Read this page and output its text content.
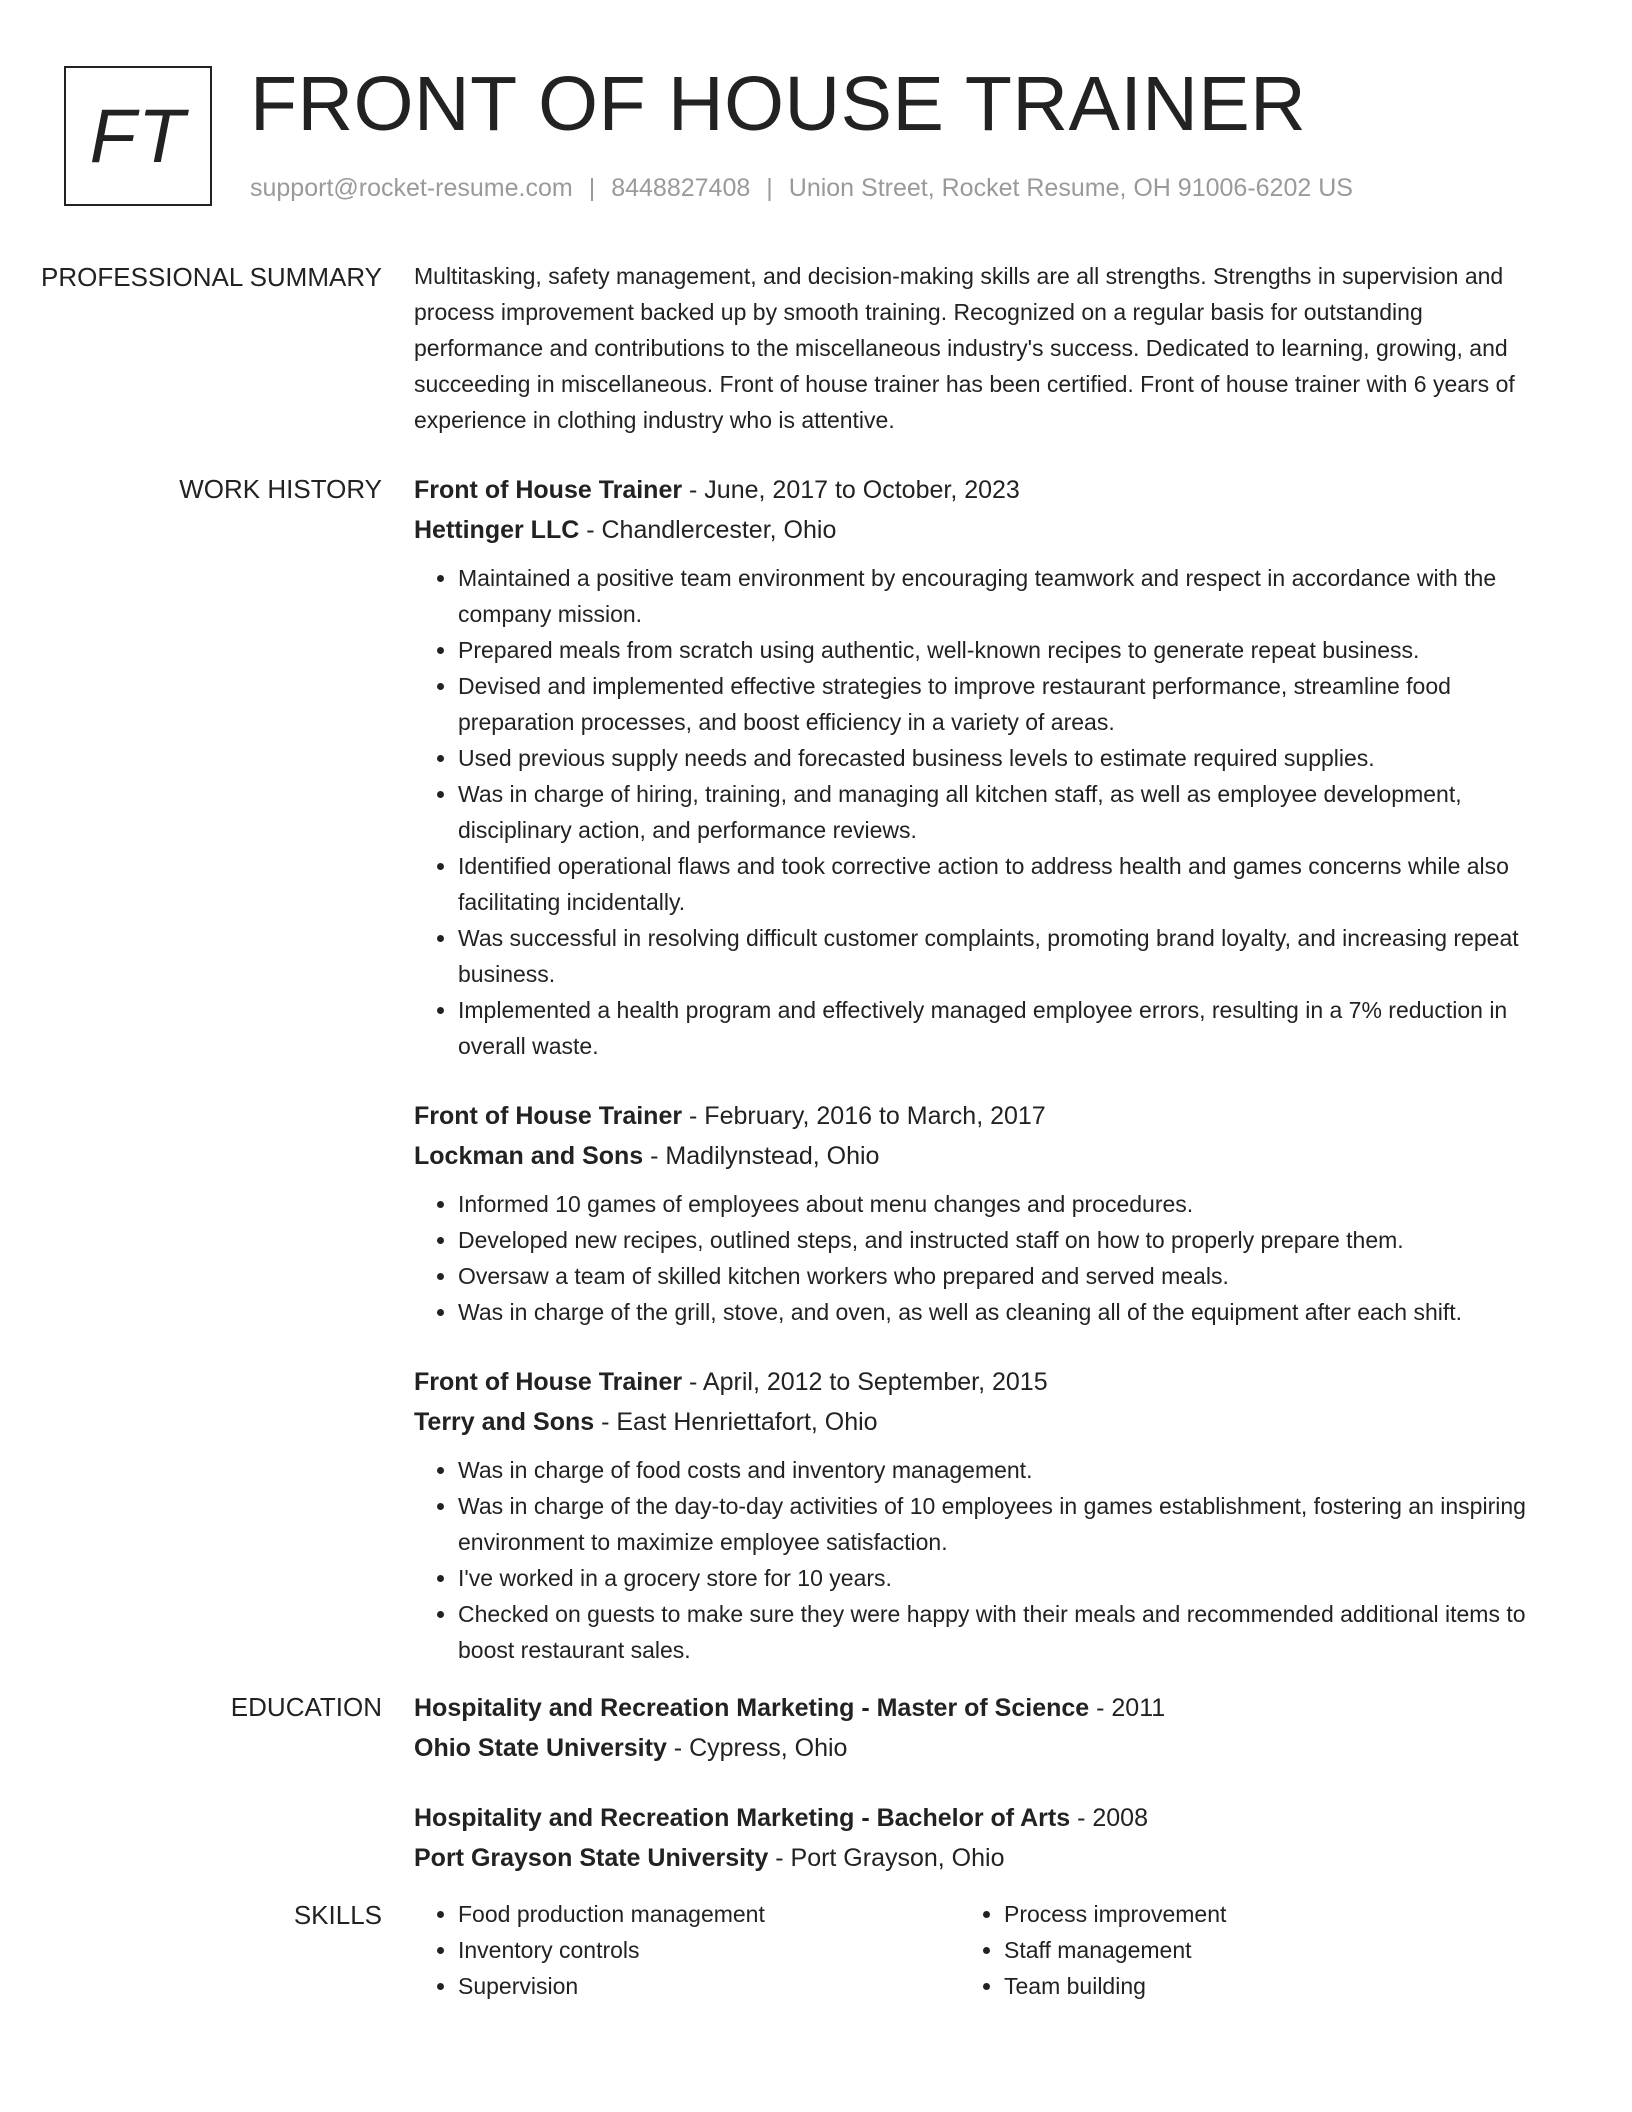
FT FRONT OF HOUSE TRAINER
support@rocket-resume.com | 8448827408 | Union Street, Rocket Resume, OH 91006-6202 US
PROFESSIONAL SUMMARY	Multitasking, safety management, and decision-making skills are all strengths. Strengths in supervision and process improvement backed up by smooth training. Recognized on a regular basis for outstanding performance and contributions to the miscellaneous industry's success. Dedicated to learning, growing, and succeeding in miscellaneous. Front of house trainer has been certified. Front of house trainer with 6 years of experience in clothing industry who is attentive.

WORK HISTORY	Front of House Trainer - June, 2017 to October, 2023
Hettinger LLC - Chandlercester, Ohio
• Maintained a positive team environment by encouraging teamwork and respect in accordance with the company mission.
• Prepared meals from scratch using authentic, well-known recipes to generate repeat business.
• Devised and implemented effective strategies to improve restaurant performance, streamline food preparation processes, and boost efficiency in a variety of areas.
• Used previous supply needs and forecasted business levels to estimate required supplies.
• Was in charge of hiring, training, and managing all kitchen staff, as well as employee development, disciplinary action, and performance reviews.
• Identified operational flaws and took corrective action to address health and games concerns while also facilitating incidentally.
• Was successful in resolving difficult customer complaints, promoting brand loyalty, and increasing repeat business.
• Implemented a health program and effectively managed employee errors, resulting in a 7% reduction in overall waste.
Front of House Trainer - February, 2016 to March, 2017
Lockman and Sons - Madilynstead, Ohio
• Informed 10 games of employees about menu changes and procedures.
• Developed new recipes, outlined steps, and instructed staff on how to properly prepare them.
• Oversaw a team of skilled kitchen workers who prepared and served meals.
• Was in charge of the grill, stove, and oven, as well as cleaning all of the equipment after each shift.
Front of House Trainer - April, 2012 to September, 2015
Terry and Sons - East Henriettafort, Ohio
• Was in charge of food costs and inventory management.
• Was in charge of the day-to-day activities of 10 employees in games establishment, fostering an inspiring environment to maximize employee satisfaction.
• I've worked in a grocery store for 10 years.
• Checked on guests to make sure they were happy with their meals and recommended additional items to boost restaurant sales.
EDUCATION	Hospitality and Recreation Marketing - Master of Science - 2011
Ohio State University - Cypress, Ohio
Hospitality and Recreation Marketing - Bachelor of Arts - 2008
Port Grayson State University - Port Grayson, Ohio
SKILLS
•	Food production management
• Inventory controls
• Supervision
• Process improvement
• Staff management
• Team building
